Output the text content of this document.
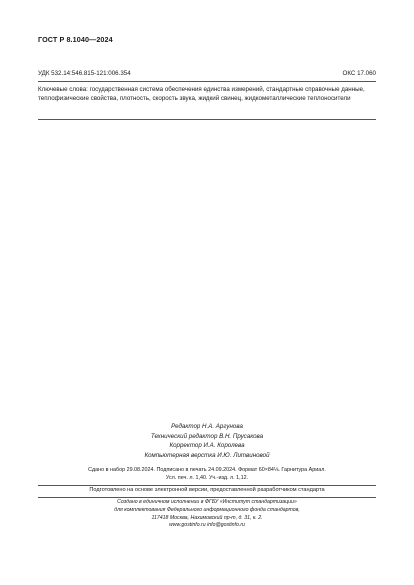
ГОСТ Р 8.1040—2024
УДК 532.14:546.815-121:006.354	ОКС 17.060
Ключевые слова: государственная система обеспечения единства измерений, стандартные справочные данные, теплофизические свойства, плотность, скорость звука, жидкий свинец, жидкометаллические теплоносители
Редактор Н.А. Аргунова
Технический редактор В.Н. Прусакова
Корректор И.А. Королева
Компьютерная верстка И.Ю. Литвиновой
Сдано в набор 29.08.2024. Подписано в печать 24.09.2024. Формат 60×84⅛. Гарнитура Ариал.
Усл. печ. л. 1,40. Уч.-изд. л. 1,12.
Подготовлено на основе электронной версии, предоставленной разработчиком стандарта
Создано в единичном исполнении в ФГБУ «Институт стандартизации»
для комплектования Федерального информационного фонда стандартов,
117418 Москва, Нахимовский пр-т, д. 31, к. 2.
www.gostinfo.ru info@gostinfo.ru
